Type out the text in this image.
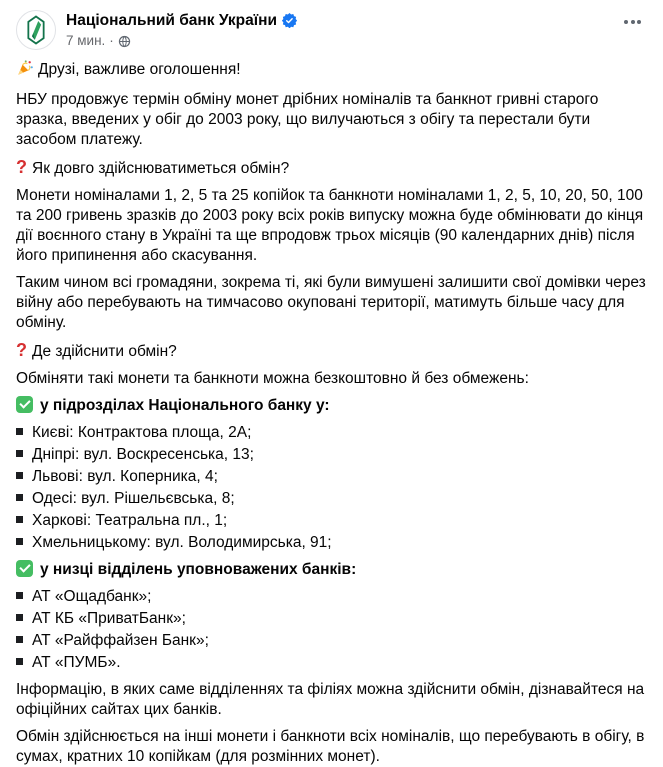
Національний банк України
7 мин. ·

Друзі, важливе оголошення!

НБУ продовжує термін обміну монет дрібних номіналів та банкнот гривні старого зразка, введених у обіг до 2003 року, що вилучаються з обігу та перестали бути засобом платежу.

? Як довго здійснюватиметься обмін?

Монети номіналами 1, 2, 5 та 25 копійок та банкноти номіналами 1, 2, 5, 10, 20, 50, 100 та 200 гривень зразків до 2003 року всіх років випуску можна буде обмінювати до кінця дії воєнного стану в Україні та ще впродовж трьох місяців (90 календарних днів) після його припинення або скасування.

Таким чином всі громадяни, зокрема ті, які були вимушені залишити свої домівки через війну або перебувають на тимчасово окуповані території, матимуть більше часу для обміну.

? Де здійснити обмін?

Обміняти такі монети та банкноти можна безкоштовно й без обмежень:

у підрозділах Національного банку у:

Києві: Контрактова площа, 2А;

Дніпрі: вул. Воскресенська, 13;

Львові: вул. Коперника, 4;

Одесі: вул. Рішельєвська, 8;

Харкові: Театральна пл., 1;

Хмельницькому: вул. Володимирська, 91;

у низці відділень уповноважених банків:

АТ «Ощадбанк»;

АТ КБ «ПриватБанк»;

АТ «Райффайзен Банк»;

АТ «ПУМБ».

Інформацію, в яких саме відділеннях та філіях можна здійснити обмін, дізнавайтеся на офіційних сайтах цих банків.

Обмін здійснюється на інші монети і банкноти всіх номіналів, що перебувають в обігу, в сумах, кратних 10 копійкам (для розмінних монет).
